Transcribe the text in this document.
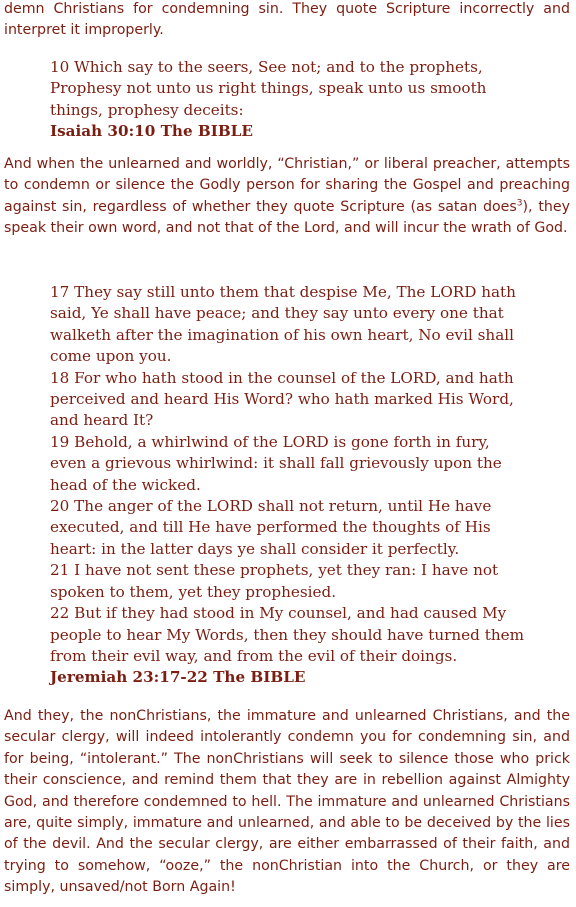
demn Christians for condemning sin. They quote Scripture incorrectly and interpret it improperly.

10 Which say to the seers, See not; and to the prophets, Prophesy not unto us right things, speak unto us smooth things, prophesy deceits:

Isaiah 30:10 The BIBLE

And when the unlearned and worldly, “Christian,” or liberal preacher, attempts to condemn or silence the Godly person for sharing the Gospel and preaching against sin, regardless of whether they quote Scripture (as satan does$^3$), they speak their own word, and not that of the Lord, and will incur the wrath of God.

17 They say still unto them that despise Me, The LORD hath said, Ye shall have peace; and they say unto every one that walketh after the imagination of his own heart, No evil shall come upon you.

18 For who hath stood in the counsel of the LORD, and hath perceived and heard His Word? who hath marked His Word, and heard It?

19 Behold, a whirlwind of the LORD is gone forth in fury, even a grievous whirlwind: it shall fall grievously upon the head of the wicked.

20 The anger of the LORD shall not return, until He have executed, and till He have performed the thoughts of His heart: in the latter days ye shall consider it perfectly.

21 I have not sent these prophets, yet they ran: I have not spoken to them, yet they prophesied.

22 But if they had stood in My counsel, and had caused My people to hear My Words, then they should have turned them from their evil way, and from the evil of their doings.

Jeremiah 23:17-22 The BIBLE

And they, the nonChristians, the immature and unlearned Christians, and the secular clergy, will indeed intolerantly condemn you for condemning sin, and for being, “intolerant.” The nonChristians will seek to silence those who prick their conscience, and remind them that they are in rebellion against Almighty God, and therefore condemned to hell. The immature and unlearned Christians are, quite simply, immature and unlearned, and able to be deceived by the lies of the devil. And the secular clergy, are either embarrassed of their faith, and trying to somehow, “ooze,” the nonChristian into the Church, or they are simply, unsaved/not Born Again!
